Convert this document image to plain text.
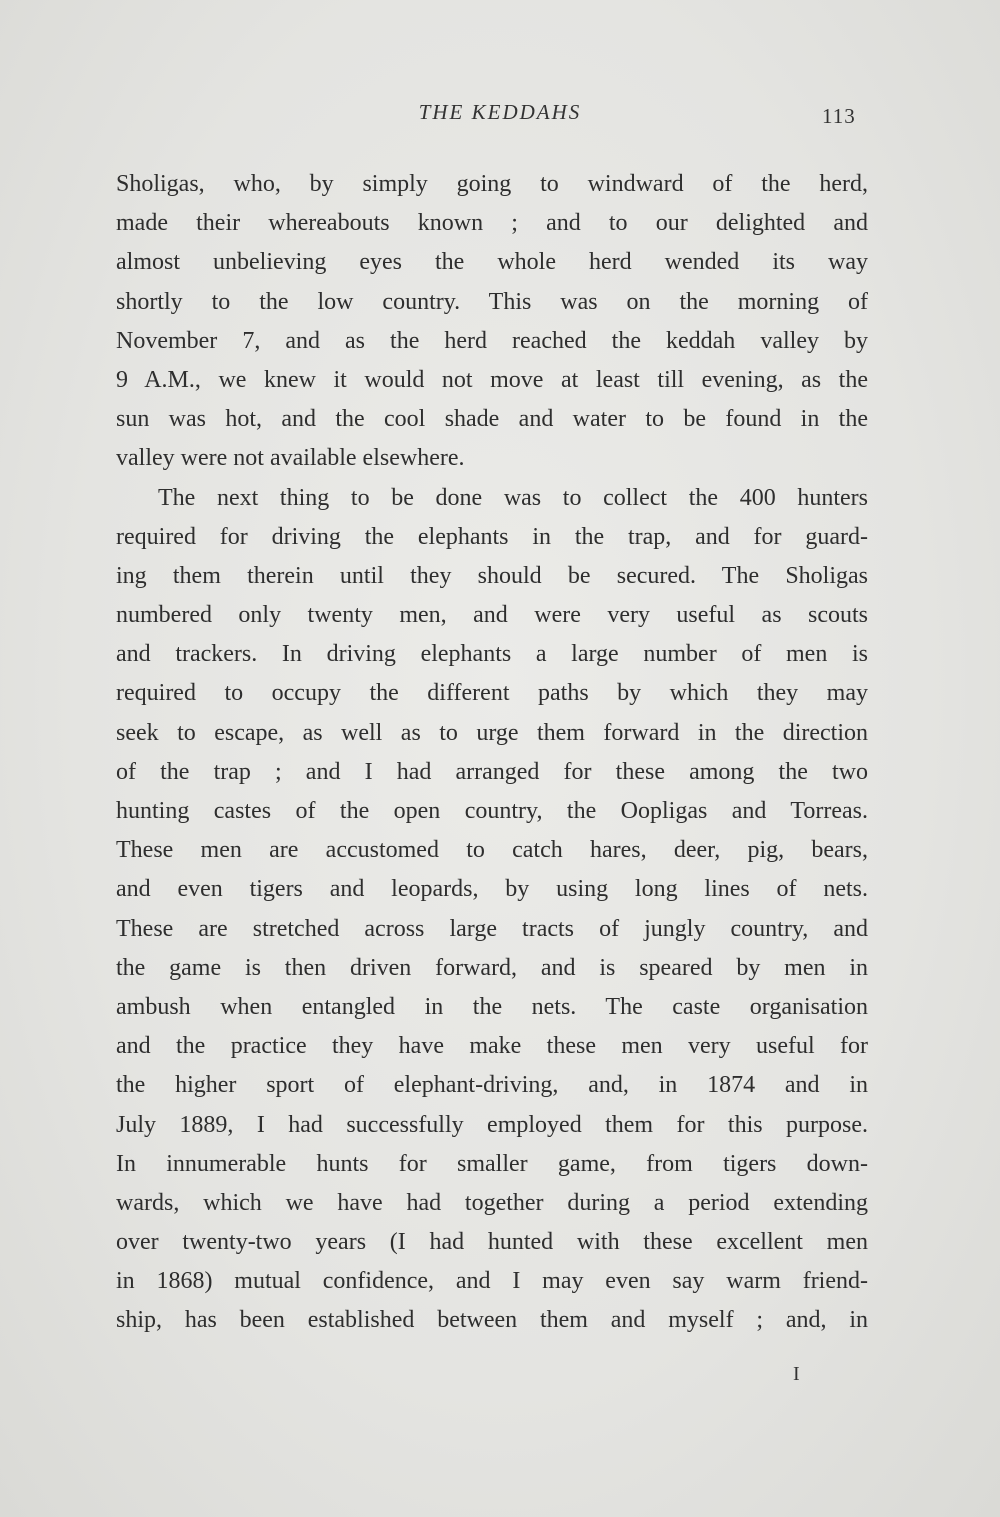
THE KEDDAHS	113
Sholigas, who, by simply going to windward of the herd,
made their whereabouts known ; and to our delighted and
almost unbelieving eyes the whole herd wended its way
shortly to the low country. This was on the morning of
November 7, and as the herd reached the keddah valley by
9 A.M., we knew it would not move at least till evening, as the
sun was hot, and the cool shade and water to be found in the
valley were not available elsewhere.
The next thing to be done was to collect the 400 hunters
required for driving the elephants in the trap, and for guard-
ing them therein until they should be secured. The Sholigas
numbered only twenty men, and were very useful as scouts
and trackers. In driving elephants a large number of men is
required to occupy the different paths by which they may
seek to escape, as well as to urge them forward in the direction
of the trap ; and I had arranged for these among the two
hunting castes of the open country, the Oopligas and Torreas.
These men are accustomed to catch hares, deer, pig, bears,
and even tigers and leopards, by using long lines of nets.
These are stretched across large tracts of jungly country, and
the game is then driven forward, and is speared by men in
ambush when entangled in the nets. The caste organisation
and the practice they have make these men very useful for
the higher sport of elephant-driving, and, in 1874 and in
July 1889, I had successfully employed them for this purpose.
In innumerable hunts for smaller game, from tigers down-
wards, which we have had together during a period extending
over twenty-two years (I had hunted with these excellent men
in 1868) mutual confidence, and I may even say warm friend-
ship, has been established between them and myself ; and, in
I
